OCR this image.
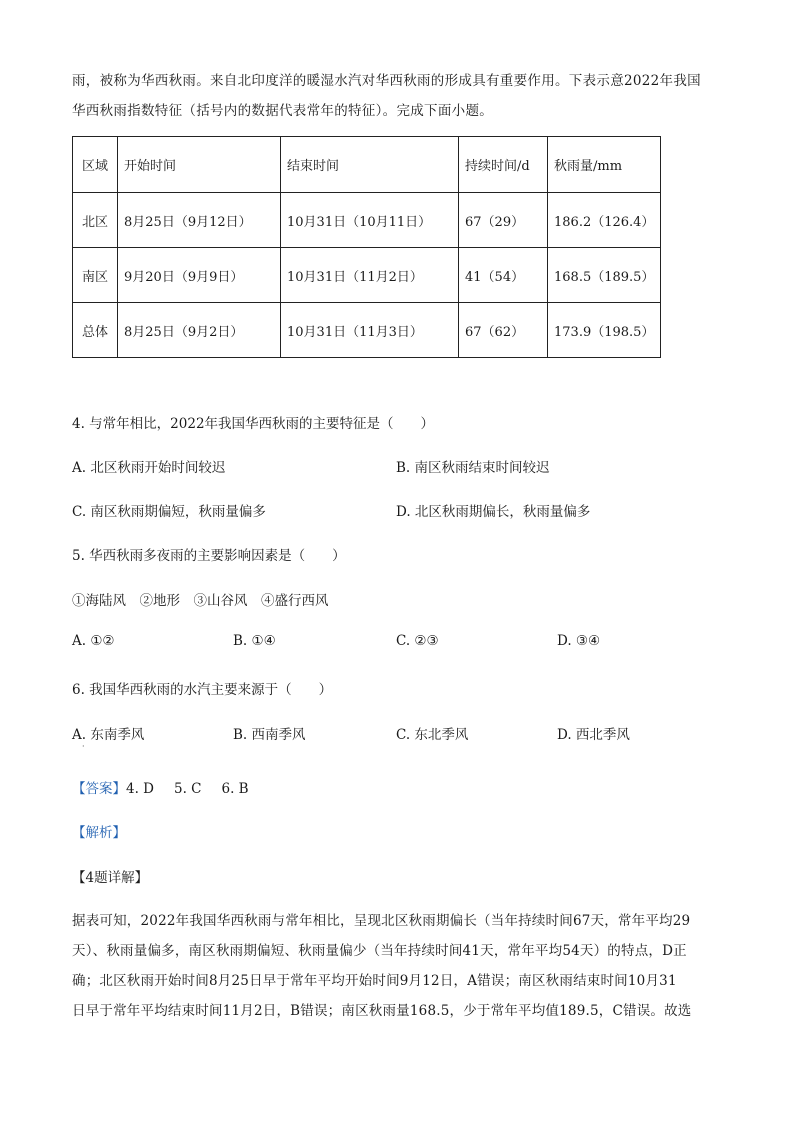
雨，被称为华西秋雨。来自北印度洋的暖湿水汽对华西秋雨的形成具有重要作用。下表示意2022年我国

华西秋雨指数特征（括号内的数据代表常年的特征）。完成下面小题。

区域	开始时间	结束时间	持续时间/d	秋雨量/mm
北区	8月25日（9月12日）	10月31日（10月11日）	67（29）	186.2（126.4）
南区	9月20日（9月9日）	10月31日（11月2日）	41（54）	168.5（189.5）
总体	8月25日（9月2日）	10月31日（11月3日）	67（62）	173.9（198.5）
4. 与常年相比，2022年我国华西秋雨的主要特征是（　　）
A. 北区秋雨开始时间较迟	B. 南区秋雨结束时间较迟
C. 南区秋雨期偏短，秋雨量偏多	D. 北区秋雨期偏长，秋雨量偏多
5. 华西秋雨多夜雨的主要影响因素是（　　）
①海陆风　②地形　③山谷风　④盛行西风
A. ①②	B. ①④	C. ②③	D. ③④
6. 我国华西秋雨的水汽主要来源于（　　）
A. 东南季风	B. 西南季风	C. 东北季风	D. 西北季风
·
【答案】4. D 5. C 6. B
【解析】
【4题详解】

据表可知，2022年我国华西秋雨与常年相比，呈现北区秋雨期偏长（当年持续时间67天，常年平均29

天）、秋雨量偏多，南区秋雨期偏短、秋雨量偏少（当年持续时间41天，常年平均54天）的特点，D正

确；北区秋雨开始时间8月25日早于常年平均开始时间9月12日，A错误；南区秋雨结束时间10月31

日早于常年平均结束时间11月2日，B错误；南区秋雨量168.5，少于常年平均值189.5，C错误。故选
